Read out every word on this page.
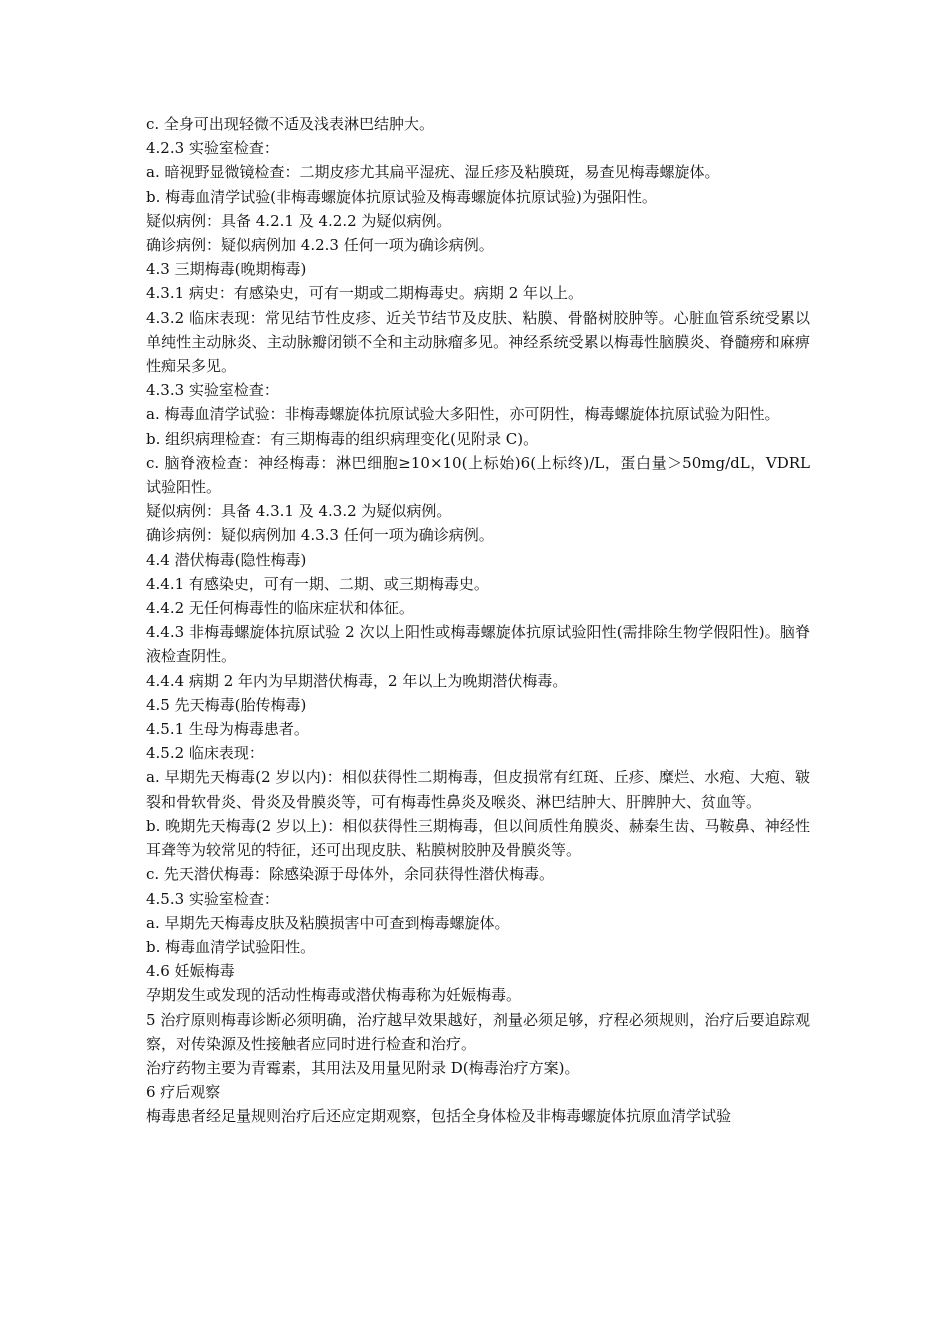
c. 全身可出现轻微不适及浅表淋巴结肿大。
4.2.3 实验室检查：
a. 暗视野显微镜检查：二期皮疹尤其扁平湿疣、湿丘疹及粘膜斑，易查见梅毒螺旋体。
b. 梅毒血清学试验(非梅毒螺旋体抗原试验及梅毒螺旋体抗原试验)为强阳性。
疑似病例：具备 4.2.1 及 4.2.2 为疑似病例。
确诊病例：疑似病例加 4.2.3 任何一项为确诊病例。
4.3 三期梅毒(晚期梅毒)
4.3.1 病史：有感染史，可有一期或二期梅毒史。病期 2 年以上。
4.3.2 临床表现：常见结节性皮疹、近关节结节及皮肤、粘膜、骨骼树胶肿等。心脏血管系统受累以单纯性主动脉炎、主动脉瓣闭锁不全和主动脉瘤多见。神经系统受累以梅毒性脑膜炎、脊髓痨和麻痹性痴呆多见。
4.3.3 实验室检查：
a. 梅毒血清学试验：非梅毒螺旋体抗原试验大多阳性，亦可阴性，梅毒螺旋体抗原试验为阳性。
b. 组织病理检查：有三期梅毒的组织病理变化(见附录 C)。
c. 脑脊液检查：神经梅毒：淋巴细胞≥10×10(上标始)6(上标终)/L，蛋白量＞50mg/dL，VDRL 试验阳性。
疑似病例：具备 4.3.1 及 4.3.2 为疑似病例。
确诊病例：疑似病例加 4.3.3 任何一项为确诊病例。
4.4 潜伏梅毒(隐性梅毒)
4.4.1 有感染史，可有一期、二期、或三期梅毒史。
4.4.2 无任何梅毒性的临床症状和体征。
4.4.3 非梅毒螺旋体抗原试验 2 次以上阳性或梅毒螺旋体抗原试验阳性(需排除生物学假阳性)。脑脊液检查阴性。
4.4.4 病期 2 年内为早期潜伏梅毒，2 年以上为晚期潜伏梅毒。
4.5 先天梅毒(胎传梅毒)
4.5.1 生母为梅毒患者。
4.5.2 临床表现：
a. 早期先天梅毒(2 岁以内)：相似获得性二期梅毒，但皮损常有红斑、丘疹、糜烂、水疱、大疱、皲裂和骨软骨炎、骨炎及骨膜炎等，可有梅毒性鼻炎及喉炎、淋巴结肿大、肝脾肿大、贫血等。
b. 晚期先天梅毒(2 岁以上)：相似获得性三期梅毒，但以间质性角膜炎、赫秦生齿、马鞍鼻、神经性耳聋等为较常见的特征，还可出现皮肤、粘膜树胶肿及骨膜炎等。
c. 先天潜伏梅毒：除感染源于母体外，余同获得性潜伏梅毒。
4.5.3 实验室检查：
a. 早期先天梅毒皮肤及粘膜损害中可查到梅毒螺旋体。
b. 梅毒血清学试验阳性。
4.6 妊娠梅毒
孕期发生或发现的活动性梅毒或潜伏梅毒称为妊娠梅毒。
5 治疗原则梅毒诊断必须明确，治疗越早效果越好，剂量必须足够，疗程必须规则，治疗后要追踪观察，对传染源及性接触者应同时进行检查和治疗。
治疗药物主要为青霉素，其用法及用量见附录 D(梅毒治疗方案)。
6 疗后观察
梅毒患者经足量规则治疗后还应定期观察，包括全身体检及非梅毒螺旋体抗原血清学试验
